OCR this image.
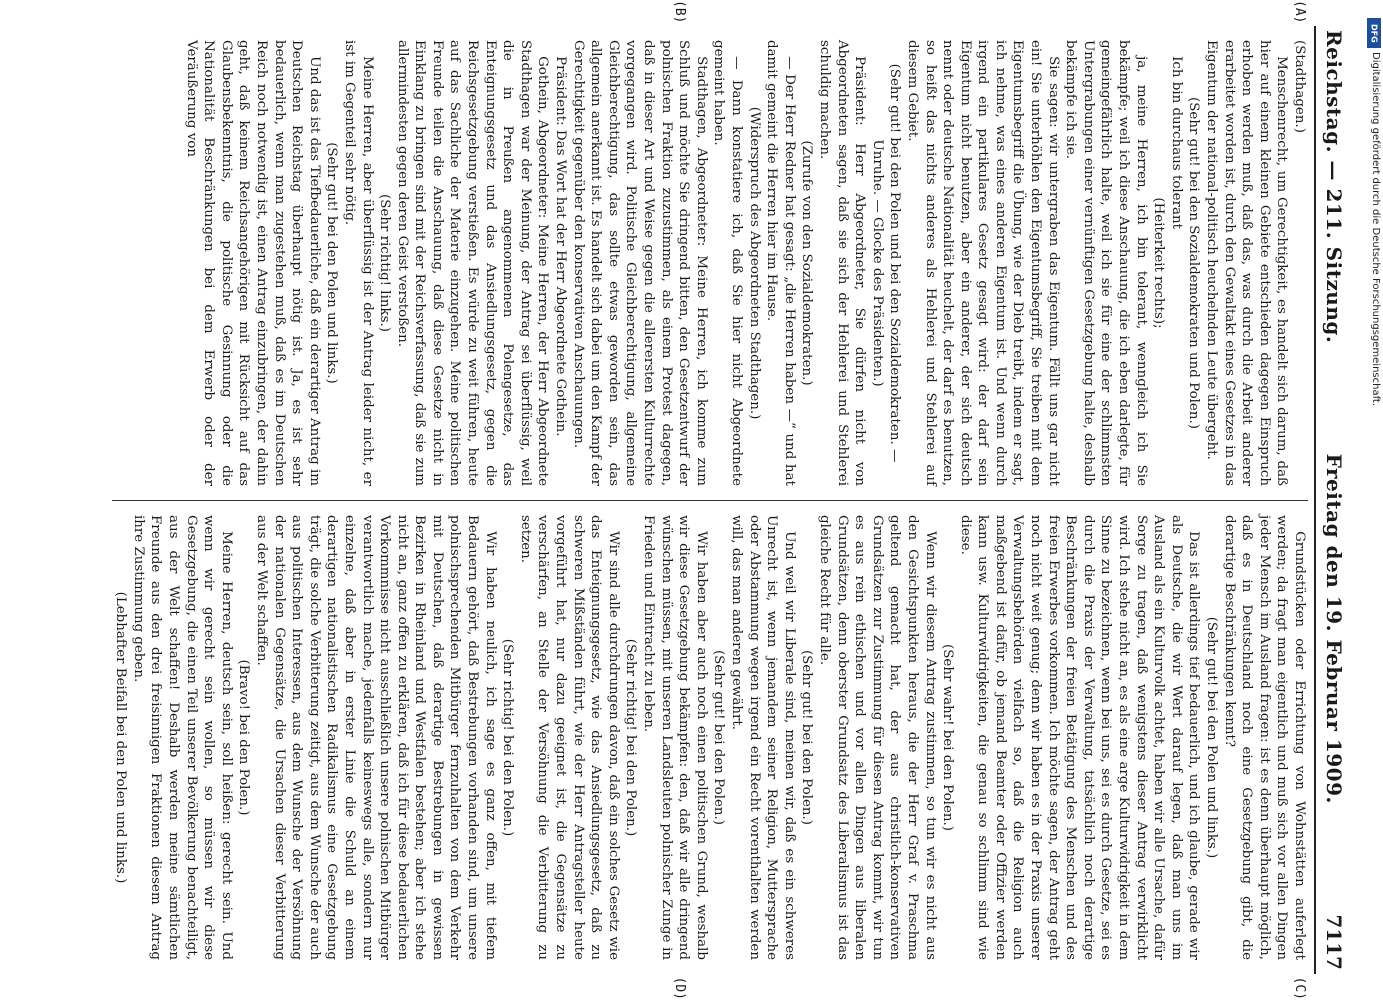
Reichstag. — 211. Sitzung.
Freitag den 19. Februar 1909.
7117
(A)
(B)

(Stadthagen.)

Menschenrecht, um Gerechtigkeit, es handelt sich darum, daß hier auf einem kleinen Gebiete entschieden dagegen Einspruch erhoben werden muß, daß das, was durch die Arbeit anderer erarbeitet worden ist, durch den Gewaltakt eines Gesetzes in das Eigentum der national-politisch heuchelnden Leute übergeht.

(Sehr gut! bei den Sozialdemokraten und Polen.)

Ich bin durchaus tolerant

(Heiterkeit rechts);

ja, meine Herren, ich bin tolerant, wenngleich ich Sie bekämpfe; weil ich diese Anschauung, die ich eben darlegte, für gemeingefährlich halte, weil ich sie für eine der schlimmsten Untergrabungen einer vernünftigen Gesetzgebung halte, deshalb bekämpfe ich sie.

Sie sagen: wir untergraben das Eigentum. Fällt uns gar nicht ein! Sie unterhöhlen den Eigentumsbegriff, Sie treiben mit dem Eigentumsbegriff die Übung, wie der Dieb treibt, indem er sagt, ich nehme, was eines anderen Eigentum ist. Und wenn durch irgend ein partikulares Gesetz gesagt wird: der darf sein Eigentum nicht benutzen, aber ein anderer, der sich deutsch nennt oder deutsche Nationalität heuchelt, der darf es benutzen, so heißt das nichts anderes als Hehlerei und Stehlerei auf diesem Gebiet.

(Sehr gut! bei den Polen und bei den Sozialdemokraten. — Unruhe. — Glocke des Präsidenten.)

Präsident: Herr Abgeordneter, Sie dürfen nicht von Abgeordneten sagen, daß sie sich der Hehlerei und Stehlerei schuldig machen.

(Zurufe von den Sozialdemokraten.)

— Der Herr Redner hat gesagt: „die Herren haben —“ und hat damit gemeint die Herren hier im Hause.

(Widerspruch des Abgeordneten Stadthagen.)

— Dann konstatiere ich, daß Sie hier nicht Abgeordnete gemeint haben.

Stadthagen, Abgeordneter: Meine Herren, ich komme zum Schluß und möchte Sie dringend bitten, den Gesetzentwurf der polnischen Fraktion zuzustimmen, als einem Protest dagegen, daß in dieser Art und Weise gegen die allerersten Kulturrechte vorgegangen wird. Politische Gleichberechtigung, allgemeine Gleichberechtigung, das sollte etwas geworden sein, das allgemein anerkannt ist. Es handelt sich dabei um den Kampf der Gerechtigkeit gegenüber den konservativen Anschauungen.

Präsident: Das Wort hat der Herr Abgeordnete Gothein.

Gothein, Abgeordneter: Meine Herren, der Herr Abgeordnete Stadthagen war der Meinung, der Antrag sei überflüssig, weil die in Preußen angenommenen Polengesetze, das Enteignungsgesetz und das Ansiedlungsgesetz, gegen die Reichsgesetzgebung verstießen. Es würde zu weit führen, heute auf das Sachliche der Materie einzugehen. Meine politischen Freunde teilen die Anschauung, daß diese Gesetze nicht in Einklang zu bringen sind mit der Reichsverfassung, daß sie zum allermindesten gegen deren Geist verstoßen.

(Sehr richtig! links.)

Meine Herren, aber überflüssig ist der Antrag leider nicht, er ist im Gegenteil sehr nötig.

(Sehr gut! bei den Polen und links.)

Und das ist das Tiefbedauerliche, daß ein derartiger Antrag im Deutschen Reichstag überhaupt nötig ist. Ja, es ist sehr bedauerlich, wenn man zugestehen muß, daß es im Deutschen Reich noch notwendig ist, einen Antrag einzubringen, der dahin geht, daß keinem Reichsangehörigen mit Rücksicht auf das Glaubensbekenntnis, die politische Gesinnung oder die Nationalität Beschränkungen bei dem Erwerb oder der Veräußerung von

(C)
(D)

Grundstücken oder Errichtung von Wohnstätten auferlegt werden; da fragt man eigentlich und muß sich vor allen Dingen jeder Mensch im Ausland fragen: ist es denn überhaupt möglich, daß es in Deutschland noch eine Gesetzgebung gibt, die derartige Beschränkungen kennt?

(Sehr gut! bei den Polen und links.)

Das ist allerdings tief bedauerlich, und ich glaube, gerade wir als Deutsche, die wir Wert darauf legen, daß man uns im Ausland als ein Kulturvolk achtet, haben wir alle Ursache, dafür Sorge zu tragen, daß wenigstens dieser Antrag verwirklicht wird. Ich stehe nicht an, es als eine arge Kulturwidrigkeit in dem Sinne zu bezeichnen, wenn bei uns, sei es durch Gesetze, sei es durch die Praxis der Verwaltung, tatsächlich noch derartige Beschränkungen der freien Betätigung des Menschen und des freien Erwerbes vorkommen. Ich möchte sagen, der Antrag geht noch nicht weit genug; denn wir haben es in der Praxis unserer Verwaltungsbehörden vielfach so, daß die Religion auch maßgebend ist dafür, ob jemand Beamter oder Offizier werden kann usw. Kulturwidrigkeiten, die genau so schlimm sind wie diese.

(Sehr wahr! bei den Polen.)

Wenn wir diesem Antrag zustimmen, so tun wir es nicht aus den Gesichtspunkten heraus, die der Herr Graf v. Praschma geltend gemacht hat, der aus christlich-konservativen Grundsätzen zur Zustimmung für diesen Antrag kommt, wir tun es aus rein ethischen und vor allen Dingen aus liberalen Grundsätzen, denn oberster Grundsatz des Liberalismus ist das gleiche Recht für alle.

(Sehr gut! bei den Polen.)

Und weil wir Liberale sind, meinen wir, daß es ein schweres Unrecht ist, wenn jemandem seiner Religion, Muttersprache oder Abstammung wegen irgend ein Recht vorenthalten werden will, das man anderen gewährt.

(Sehr gut! bei den Polen.)

Wir haben aber auch noch einen politischen Grund, weshalb wir diese Gesetzgebung bekämpfen: den, daß wir alle dringend wünschen müssen, mit unseren Landsleuten polnischer Zunge in Frieden und Eintracht zu leben.

(Sehr richtig! bei den Polen.)

Wir sind alle durchdrungen davon, daß ein solches Gesetz wie das Enteignungsgesetz, wie das Ansiedlungsgesetz, daß zu schweren Mißständen führt, wie der Herr Antragsteller heute vorgeführt hat, nur dazu geeignet ist, die Gegensätze zu verschärfen, an Stelle der Versöhnung die Verbitterung zu setzen.

(Sehr richtig! bei den Polen.)

Wir haben neulich, ich sage es ganz offen, mit tiefem Bedauern gehört, daß Bestrebungen vorhanden sind, um unsere polnischsprechenden Mitbürger fernzuhalten von dem Verkehr mit Deutschen, daß derartige Bestrebungen in gewissen Bezirken in Rheinland und Westfalen bestehen; aber ich stehe nicht an, ganz offen zu erklären, daß ich für diese bedauerlichen Vorkommnisse nicht ausschließlich unsere polnischen Mitbürger verantwortlich mache, jedenfalls keineswegs alle, sondern nur einzelne, daß aber in erster Linie die Schuld an einem derartigen nationalistischen Radikalismus eine Gesetzgebung trägt, die solche Verbitterung zeitigt, aus dem Wunsche der auch aus politischen Interessen, aus dem Wunsche der Versöhnung der nationalen Gegensätze, die Ursachen dieser Verbitterung aus der Welt schaffen.

(Bravo! bei den Polen.)

Meine Herren, deutsch sein, soll heißen: gerecht sein. Und wenn wir gerecht sein wollen, so müssen wir diese Gesetzgebung, die einen Teil unserer Bevölkerung benachteiligt, aus der Welt schaffen! Deshalb werden meine sämtlichen Freunde aus den drei freisinnigen Fraktionen diesem Antrag ihre Zustimmung geben.

(Lebhafter Beifall bei den Polen und links.)

DFG
Digitalisierung gefördert durch die Deutsche Forschungsgemeinschaft.
